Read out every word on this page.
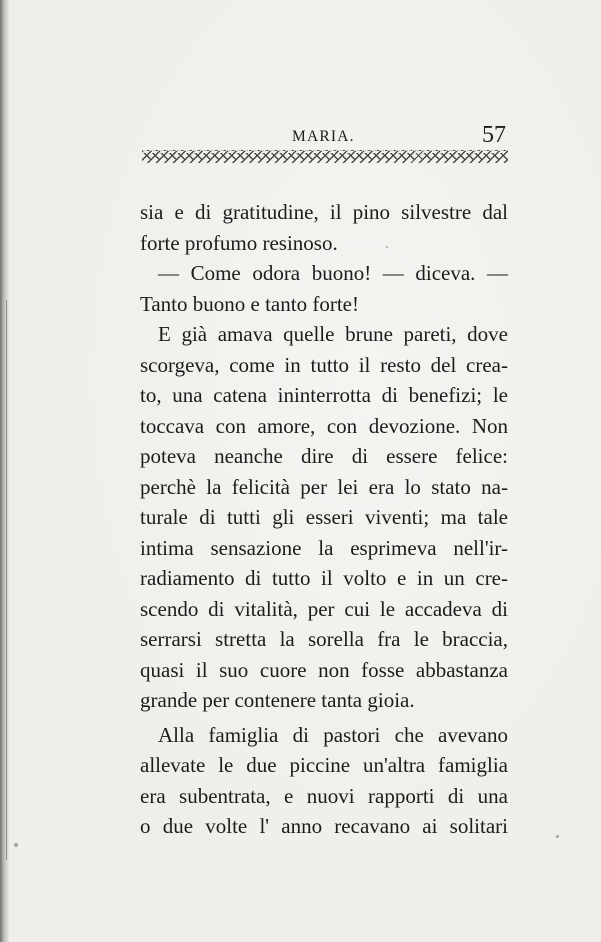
MARIA.	57
sia e di gratitudine, il pino silvestre dal
forte profumo resinoso.
— Come odora buono! — diceva. —
Tanto buono e tanto forte!
E già amava quelle brune pareti, dove
scorgeva, come in tutto il resto del crea-
to, una catena ininterrotta di benefizi; le
toccava con amore, con devozione. Non
poteva neanche dire di essere felice:
perchè la felicità per lei era lo stato na-
turale di tutti gli esseri viventi; ma tale
intima sensazione la esprimeva nell'ir-
radiamento di tutto il volto e in un cre-
scendo di vitalità, per cui le accadeva di
serrarsi stretta la sorella fra le braccia,
quasi il suo cuore non fosse abbastanza
grande per contenere tanta gioia.
Alla famiglia di pastori che avevano
allevate le due piccine un'altra famiglia
era subentrata, e nuovi rapporti di una
o due volte l' anno recavano ai solitari
